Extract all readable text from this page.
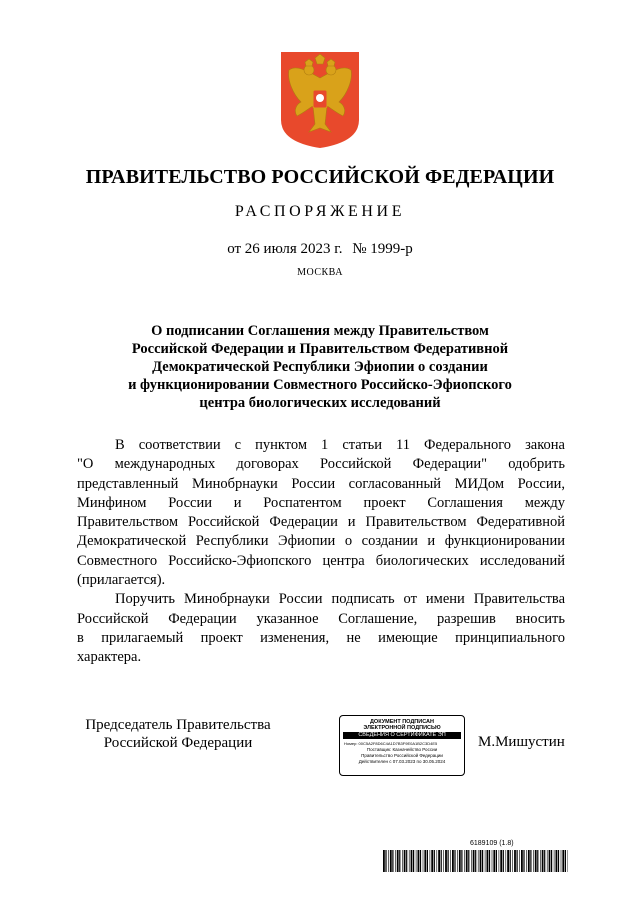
ПРАВИТЕЛЬСТВО РОССИЙСКОЙ ФЕДЕРАЦИИ
РАСПОРЯЖЕНИЕ
от 26 июля 2023 г. № 1999-р
МОСКВА
О подписании Соглашения между Правительством
Российской Федерации и Правительством Федеративной
Демократической Республики Эфиопии о создании
и функционировании Совместного Российско-Эфиопского
центра биологических исследований
В соответствии с пунктом 1 статьи 11 Федерального закона
"О международных договорах Российской Федерации" одобрить
представленный Минобрнауки России согласованный МИДом России,
Минфином России и Роспатентом проект Соглашения между
Правительством Российской Федерации и Правительством Федеративной
Демократической Республики Эфиопии о создании и функционировании
Совместного Российско-Эфиопского центра биологических исследований
(прилагается).
Поручить Минобрнауки России подписать от имени Правительства
Российской Федерации указанное Соглашение, разрешив вносить
в прилагаемый проект изменения, не имеющие принципиального
характера.
Председатель Правительства
Российской Федерации
ДОКУМЕНТ ПОДПИСАН
ЭЛЕКТРОННОЙ ПОДПИСЬЮ
СВЕДЕНИЯ О СЕРТИФИКАТЕ ЭП
Номер: 00C5A2F8D6C4A1D7B3F9E0A1B2C3D4E5
Поставщик: Казначейство России
Правительство Российской Федерации
Действителен с 07.03.2023 по 30.05.2024
М.Мишустин
6189109 (1.8)
